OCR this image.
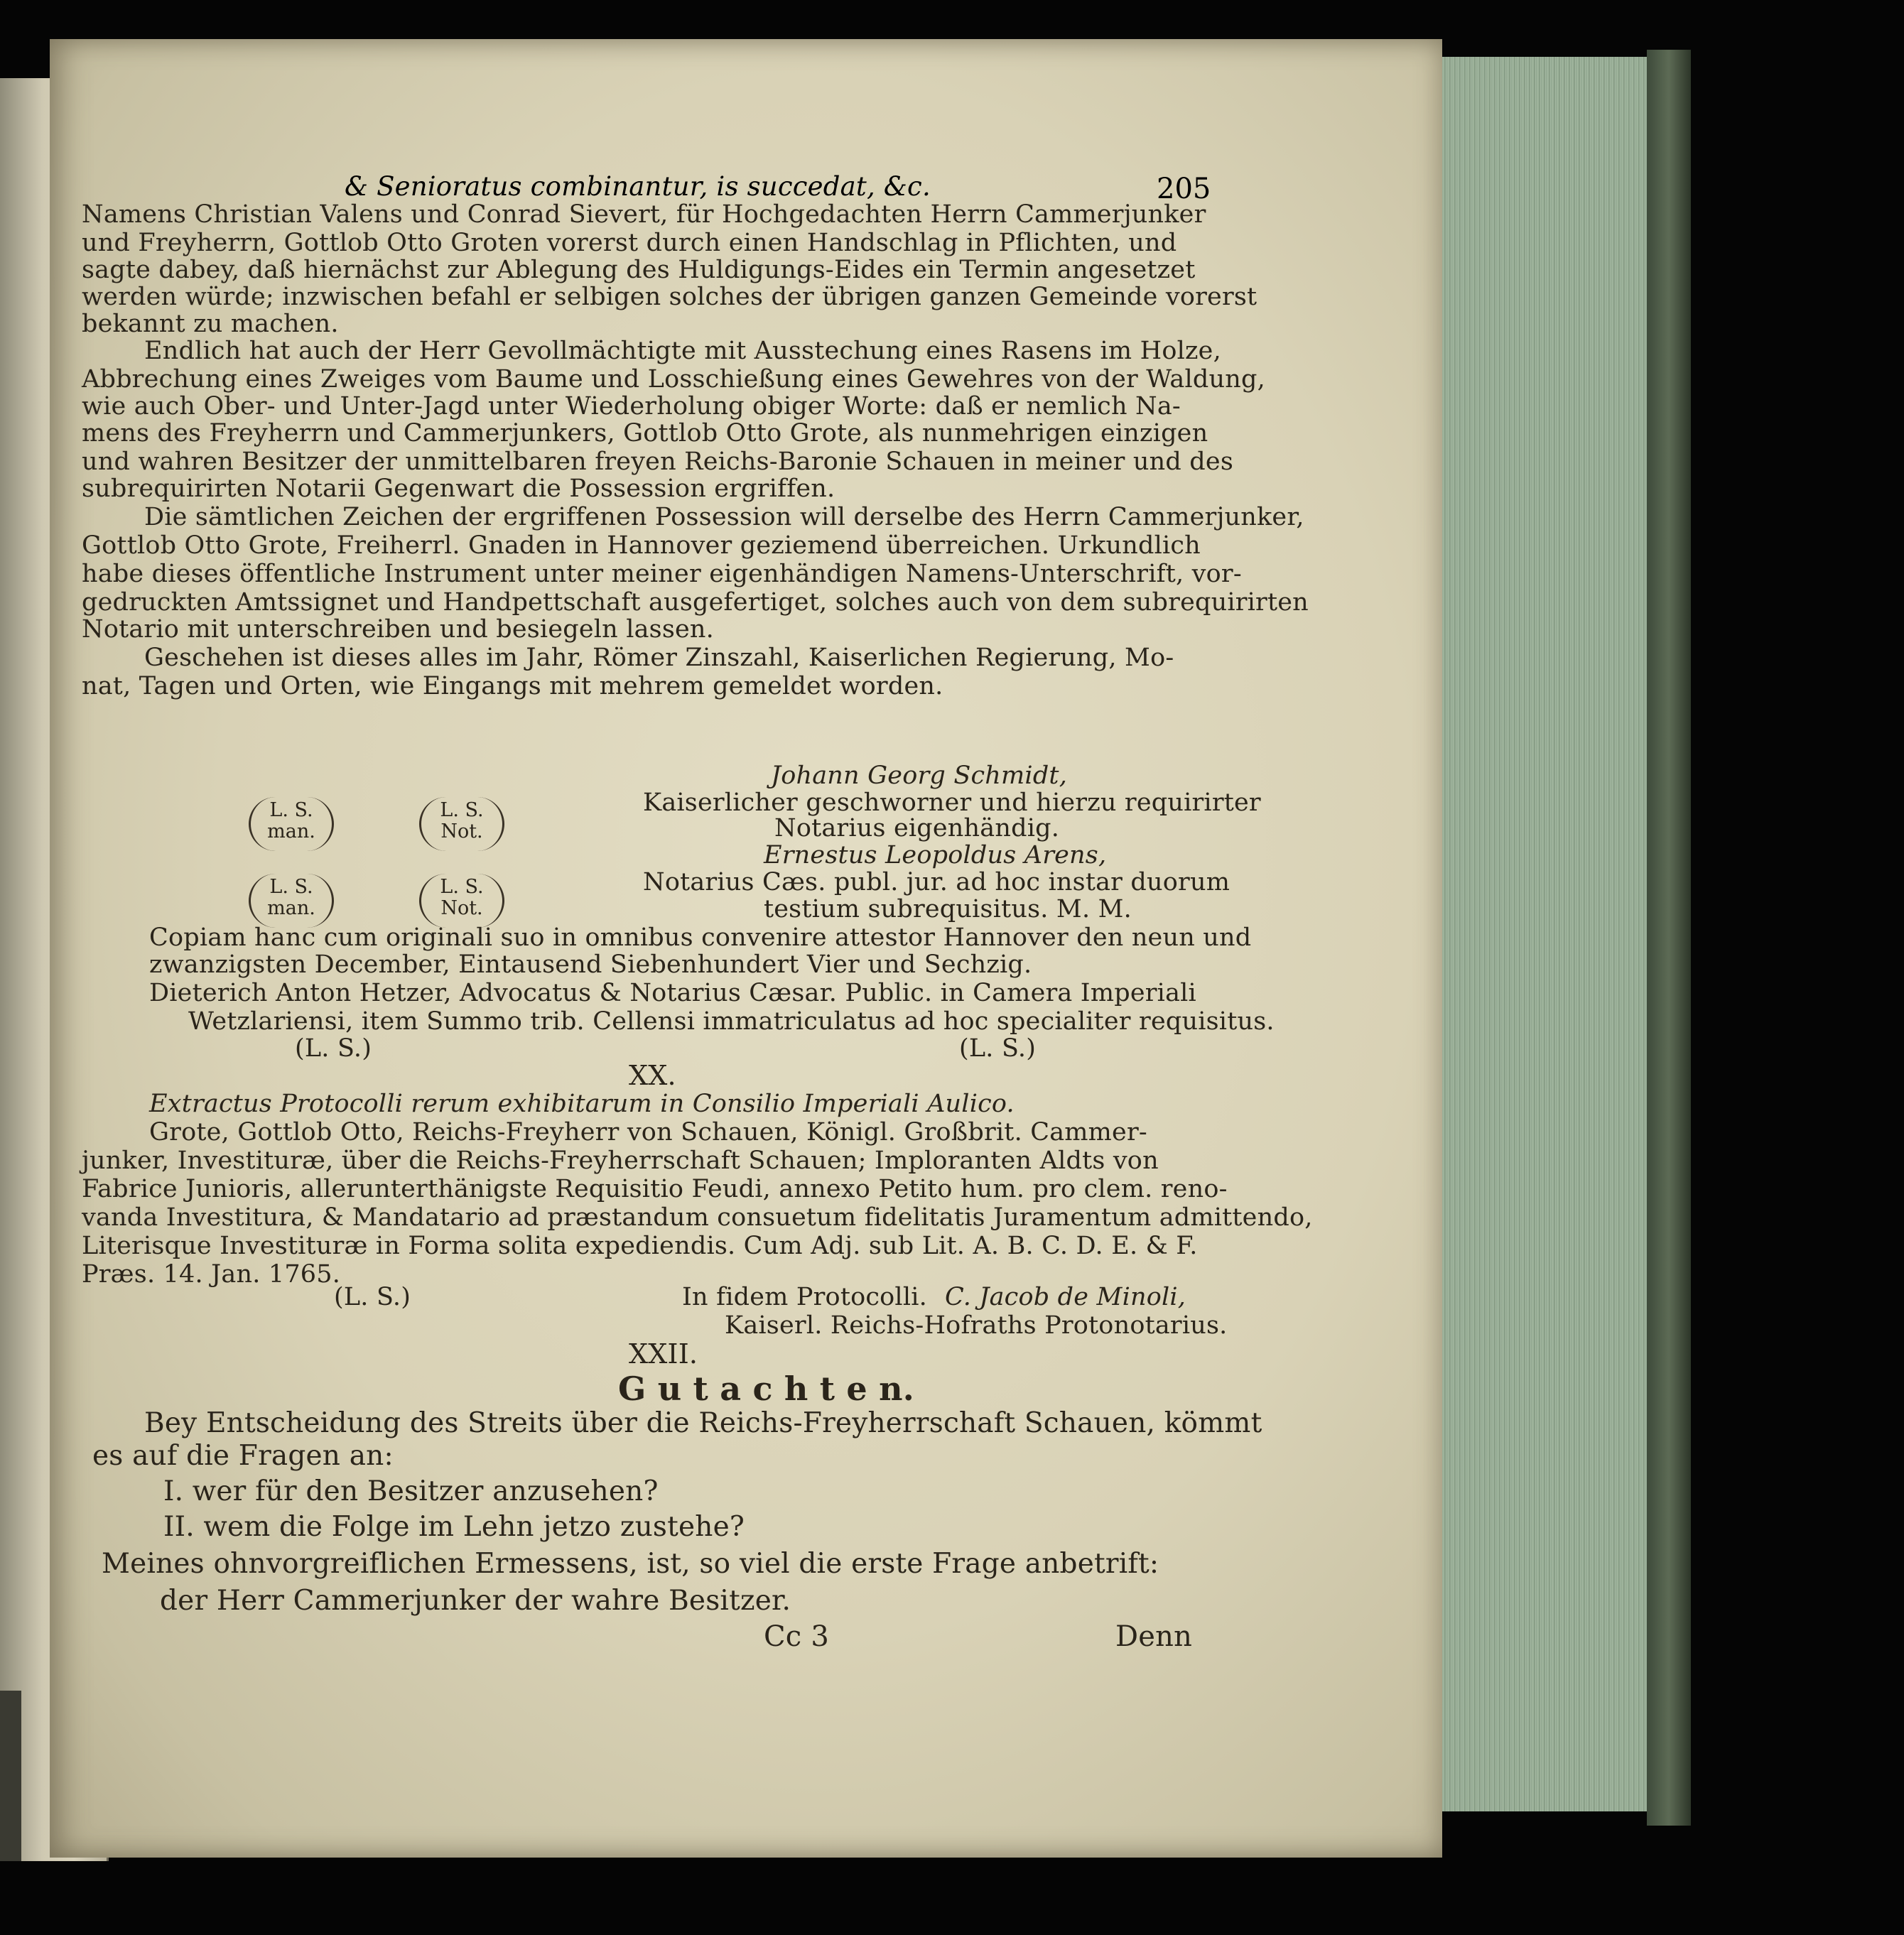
& Senioratus combinantur, is succedat, &c.	205
Namens Christian Valens und Conrad Sievert, für Hochgedachten Herrn Cammerjunker
und Freyherrn, Gottlob Otto Groten vorerst durch einen Handschlag in Pflichten, und
sagte dabey, daß hiernächst zur Ablegung des Huldigungs-Eides ein Termin angesetzet
werden würde; inzwischen befahl er selbigen solches der übrigen ganzen Gemeinde vorerst
bekannt zu machen.
Endlich hat auch der Herr Gevollmächtigte mit Ausstechung eines Rasens im Holze,
Abbrechung eines Zweiges vom Baume und Losschießung eines Gewehres von der Waldung,
wie auch Ober- und Unter-Jagd unter Wiederholung obiger Worte: daß er nemlich Na-
mens des Freyherrn und Cammerjunkers, Gottlob Otto Grote, als nunmehrigen einzigen
und wahren Besitzer der unmittelbaren freyen Reichs-Baronie Schauen in meiner und des
subrequirirten Notarii Gegenwart die Possession ergriffen.
Die sämtlichen Zeichen der ergriffenen Possession will derselbe des Herrn Cammerjunker,
Gottlob Otto Grote, Freiherrl. Gnaden in Hannover geziemend überreichen. Urkundlich
habe dieses öffentliche Instrument unter meiner eigenhändigen Namens-Unterschrift, vor-
gedruckten Amtssignet und Handpettschaft ausgefertiget, solches auch von dem subrequirirten
Notario mit unterschreiben und besiegeln lassen.
Geschehen ist dieses alles im Jahr, Römer Zinszahl, Kaiserlichen Regierung, Mo-
nat, Tagen und Orten, wie Eingangs mit mehrem gemeldet worden.
L. S.
man.
L. S.
Not.
L. S.
man.
L. S.
Not.
Johann Georg Schmidt,
Kaiserlicher geschworner und hierzu requirirter
Notarius eigenhändig.
Ernestus Leopoldus Arens,
Notarius Cæs. publ. jur. ad hoc instar duorum
testium subrequisitus. M. M.
Copiam hanc cum originali suo in omnibus convenire attestor Hannover den neun und
zwanzigsten December, Eintausend Siebenhundert Vier und Sechzig.
Dieterich Anton Hetzer, Advocatus & Notarius Cæsar. Public. in Camera Imperiali
Wetzlariensi, item Summo trib. Cellensi immatriculatus ad hoc specialiter requisitus.
(L. S.)	(L. S.)
XX.
Extractus Protocolli rerum exhibitarum in Consilio Imperiali Aulico.
Grote, Gottlob Otto, Reichs-Freyherr von Schauen, Königl. Großbrit. Cammer-
junker, Investituræ, über die Reichs-Freyherrschaft Schauen; Imploranten Aldts von
Fabrice Junioris, allerunterthänigste Requisitio Feudi, annexo Petito hum. pro clem. reno-
vanda Investitura, & Mandatario ad præstandum consuetum fidelitatis Juramentum admittendo,
Literisque Investituræ in Forma solita expediendis. Cum Adj. sub Lit. A. B. C. D. E. & F.
Præs. 14. Jan. 1765.
(L. S.)	In fidem Protocolli. C. Jacob de Minoli,
Kaiserl. Reichs-Hofraths Protonotarius.
XXII.
G u t a c h t e n.
Bey Entscheidung des Streits über die Reichs-Freyherrschaft Schauen, kömmt
es auf die Fragen an:
I. wer für den Besitzer anzusehen?
II. wem die Folge im Lehn jetzo zustehe?
Meines ohnvorgreiflichen Ermessens, ist, so viel die erste Frage anbetrift:
der Herr Cammerjunker der wahre Besitzer.
Cc 3	Denn
